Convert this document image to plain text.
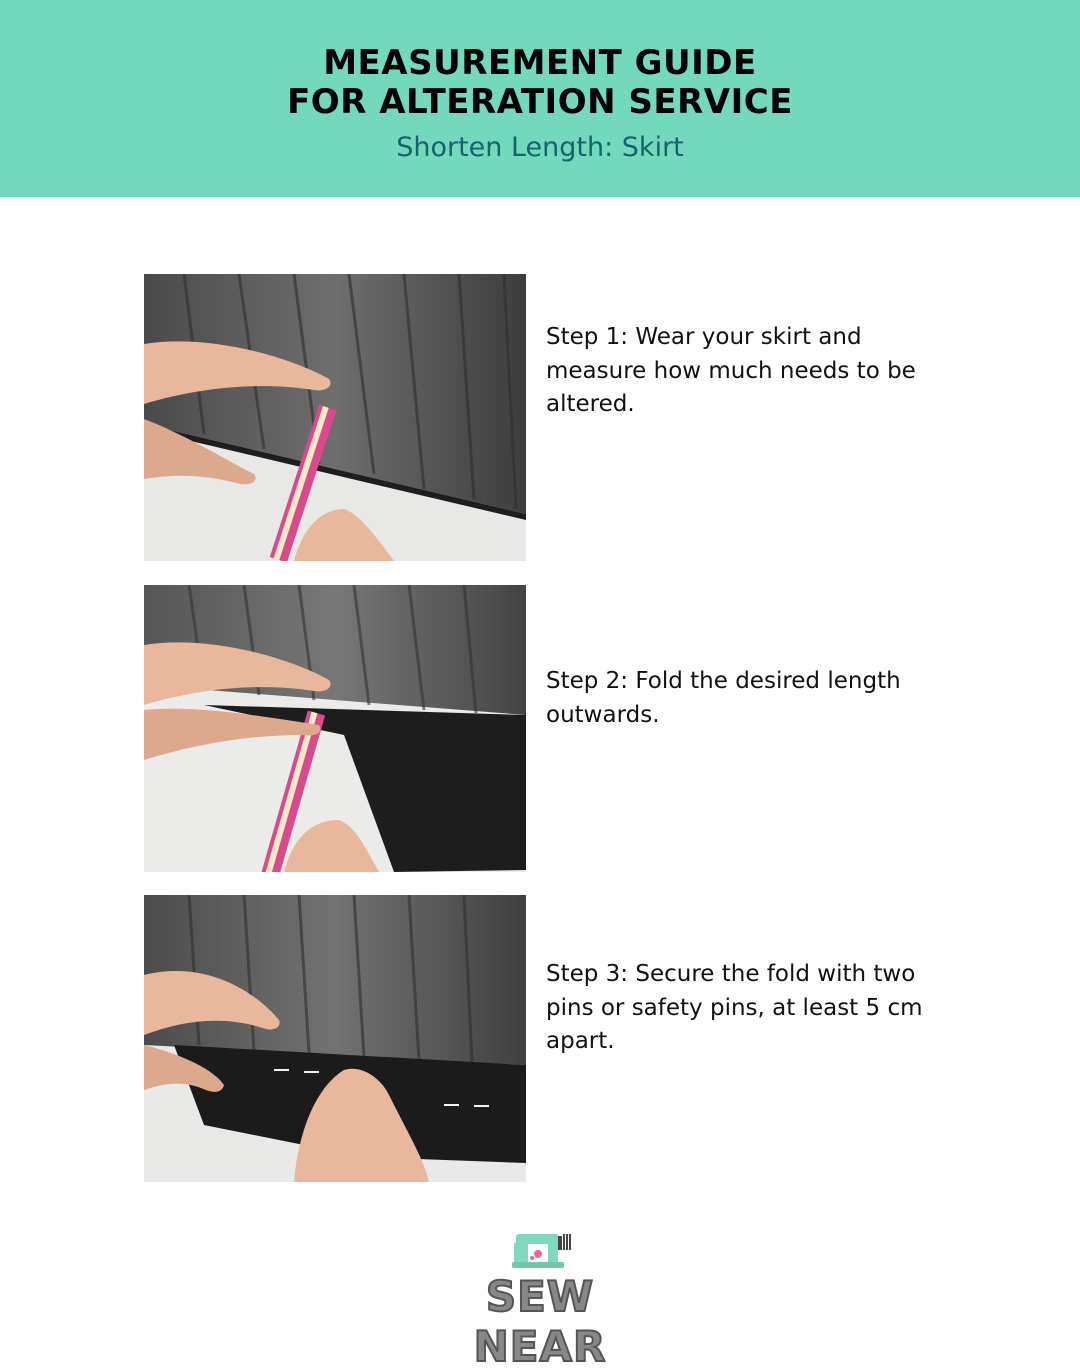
MEASUREMENT GUIDE
FOR ALTERATION SERVICE
Shorten Length: Skirt

Step 1: Wear your skirt and measure how much needs to be altered.

Step 2: Fold the desired length outwards.

Step 3: Secure the fold with two pins or safety pins, at least 5 cm apart.

SEW NEAR
